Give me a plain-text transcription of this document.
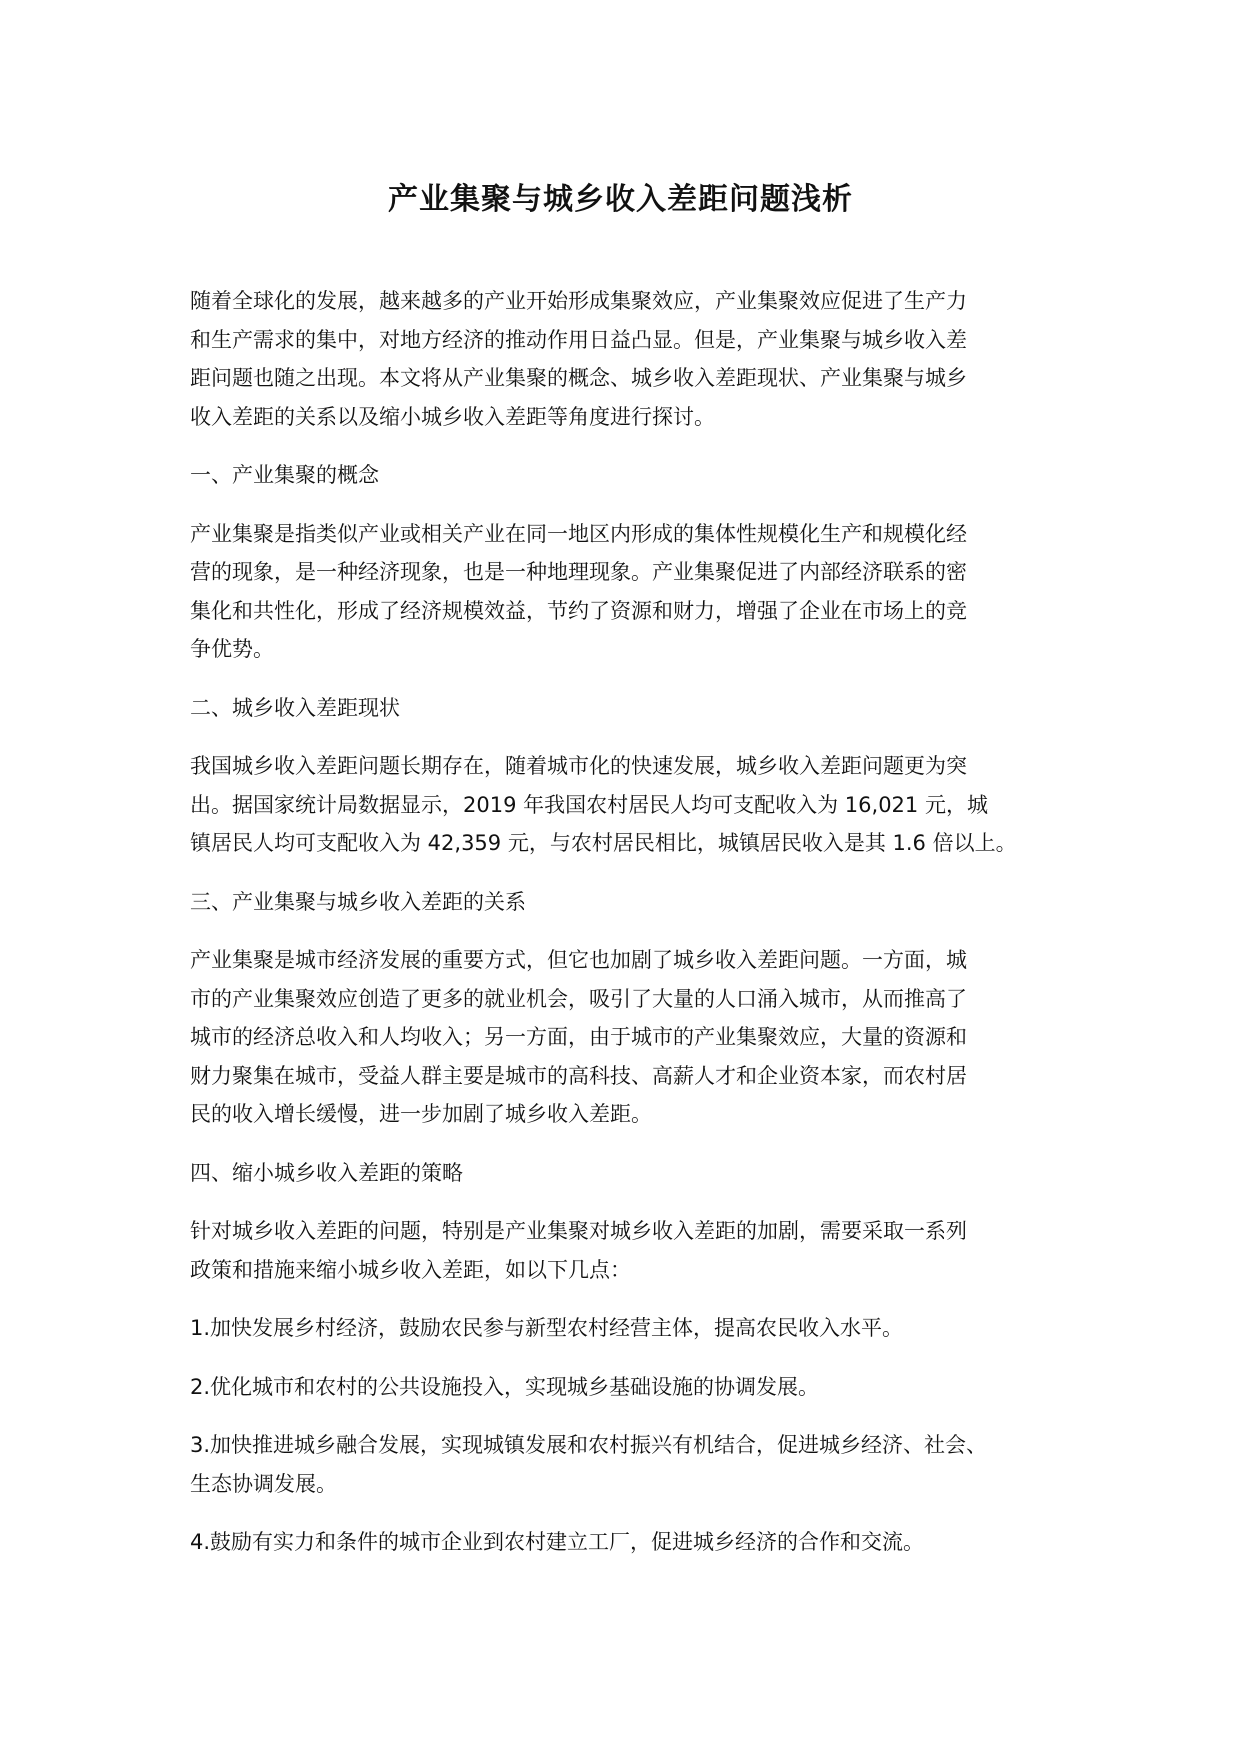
产业集聚与城乡收入差距问题浅析

随着全球化的发展，越来越多的产业开始形成集聚效应，产业集聚效应促进了生产力
和生产需求的集中，对地方经济的推动作用日益凸显。但是，产业集聚与城乡收入差
距问题也随之出现。本文将从产业集聚的概念、城乡收入差距现状、产业集聚与城乡
收入差距的关系以及缩小城乡收入差距等角度进行探讨。

一、产业集聚的概念

产业集聚是指类似产业或相关产业在同一地区内形成的集体性规模化生产和规模化经
营的现象，是一种经济现象，也是一种地理现象。产业集聚促进了内部经济联系的密
集化和共性化，形成了经济规模效益，节约了资源和财力，增强了企业在市场上的竞
争优势。

二、城乡收入差距现状

我国城乡收入差距问题长期存在，随着城市化的快速发展，城乡收入差距问题更为突
出。据国家统计局数据显示，2019 年我国农村居民人均可支配收入为 16,021 元，城
镇居民人均可支配收入为 42,359 元，与农村居民相比，城镇居民收入是其 1.6 倍以上。

三、产业集聚与城乡收入差距的关系

产业集聚是城市经济发展的重要方式，但它也加剧了城乡收入差距问题。一方面，城
市的产业集聚效应创造了更多的就业机会，吸引了大量的人口涌入城市，从而推高了
城市的经济总收入和人均收入；另一方面，由于城市的产业集聚效应，大量的资源和
财力聚集在城市，受益人群主要是城市的高科技、高薪人才和企业资本家，而农村居
民的收入增长缓慢，进一步加剧了城乡收入差距。

四、缩小城乡收入差距的策略

针对城乡收入差距的问题，特别是产业集聚对城乡收入差距的加剧，需要采取一系列
政策和措施来缩小城乡收入差距，如以下几点：

1.加快发展乡村经济，鼓励农民参与新型农村经营主体，提高农民收入水平。

2.优化城市和农村的公共设施投入，实现城乡基础设施的协调发展。

3.加快推进城乡融合发展，实现城镇发展和农村振兴有机结合，促进城乡经济、社会、
生态协调发展。

4.鼓励有实力和条件的城市企业到农村建立工厂，促进城乡经济的合作和交流。
